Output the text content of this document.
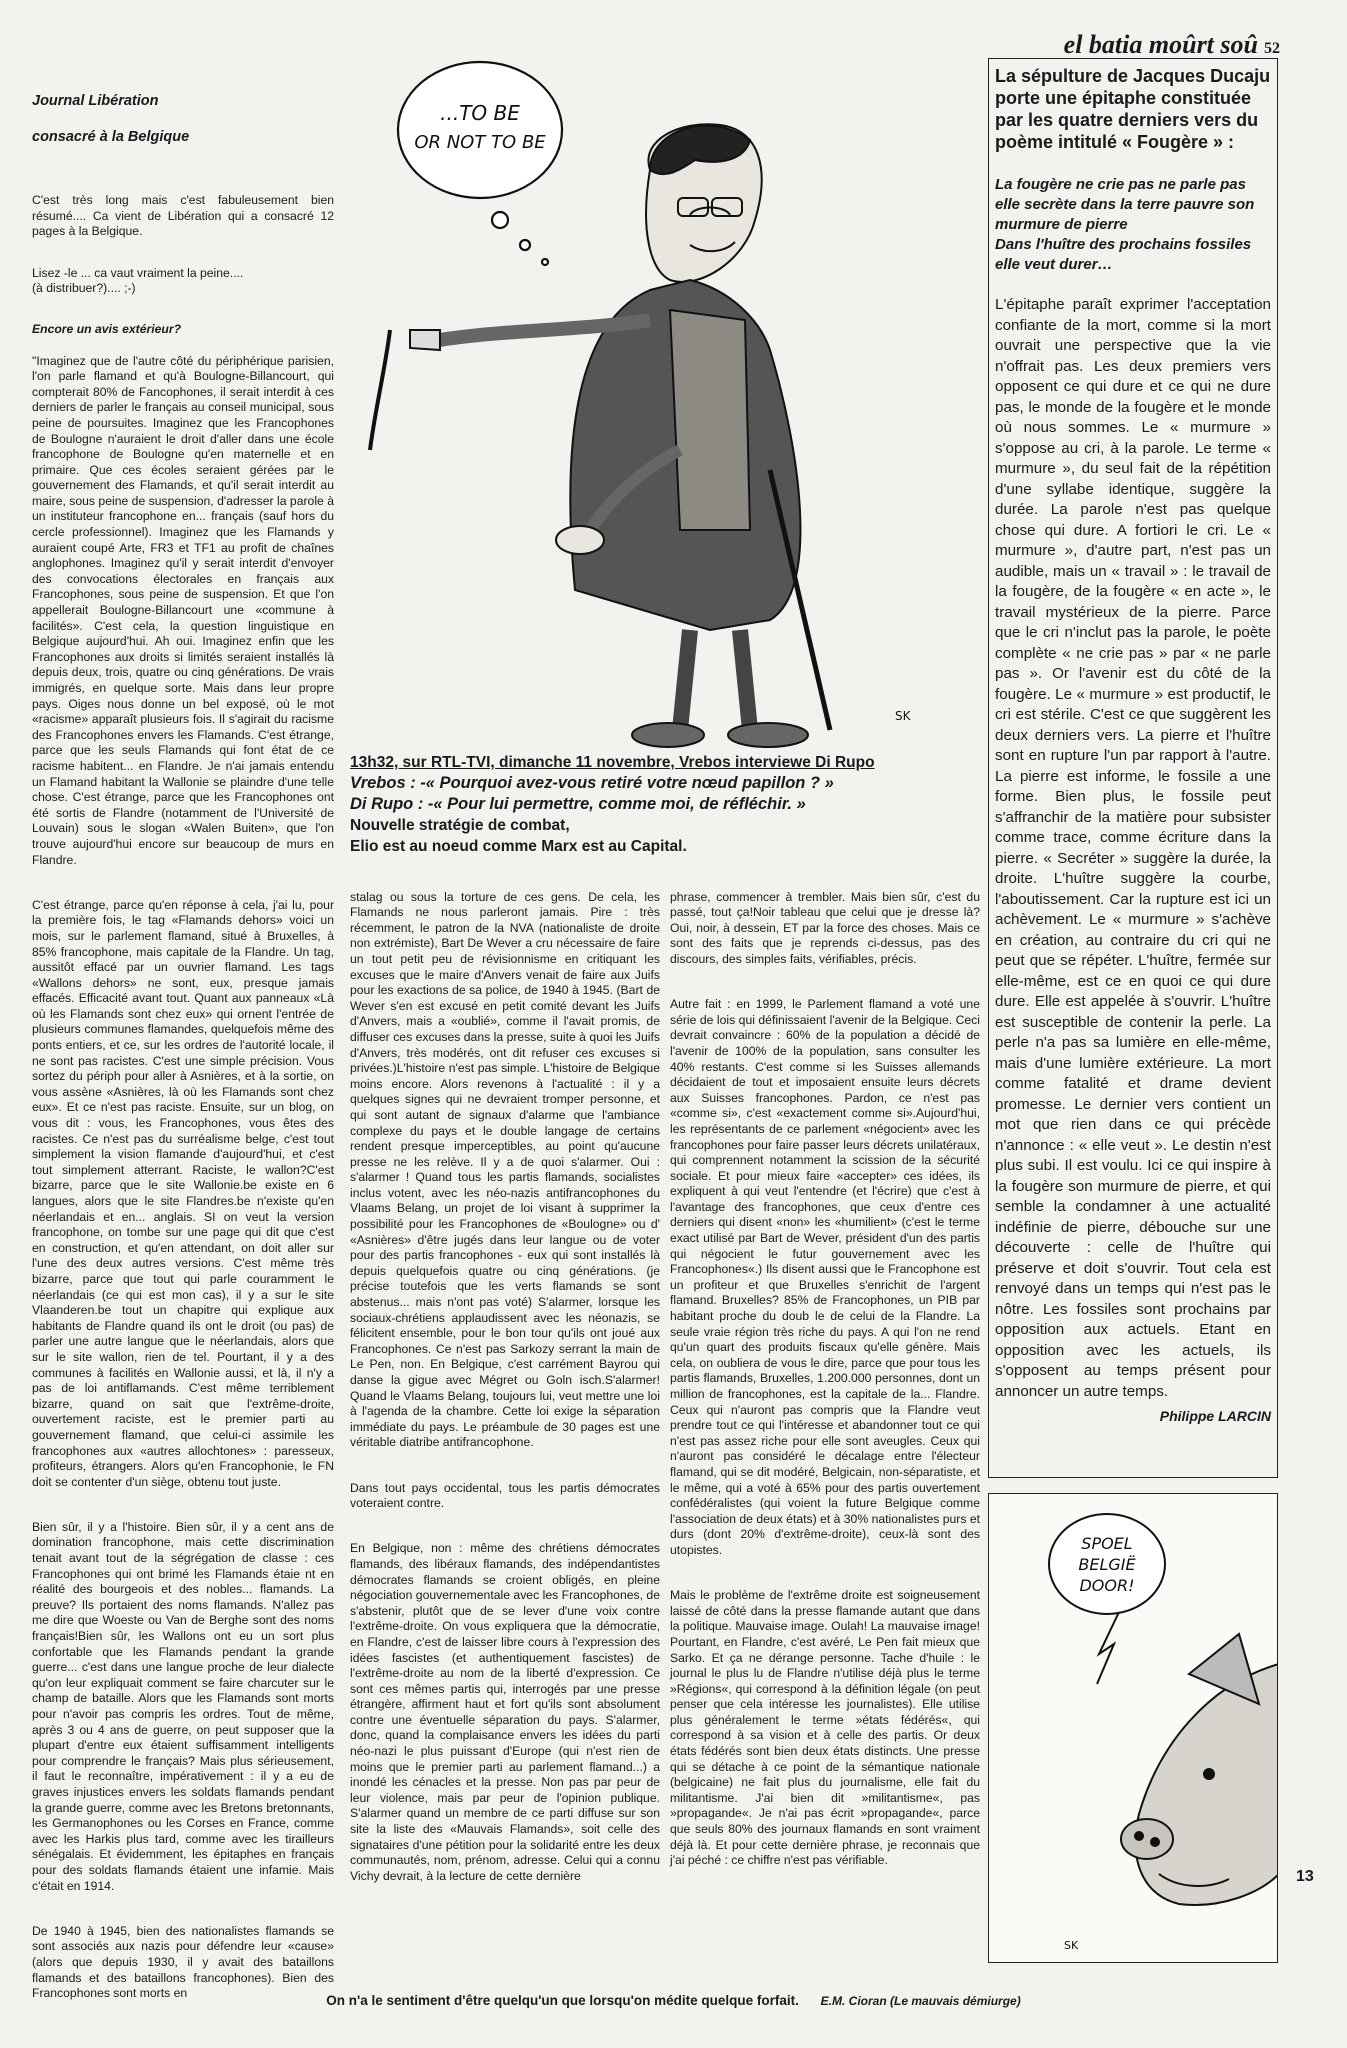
el batia moûrt soû 52

Journal Libération

consacré à la Belgique

C'est très long mais c'est fabuleusement bien résumé.... Ca vient de Libération qui a consacré 12 pages à la Belgique.

Lisez -le ... ca vaut vraiment la peine....
(à distribuer?).... ;-)

Encore un avis extérieur?

"Imaginez que de l'autre côté du périphérique parisien, l'on parle flamand et qu'à Boulogne-Billancourt, qui compterait 80% de Fancophones, il serait interdit à ces derniers de parler le français au conseil municipal, sous peine de poursuites. Imaginez que les Francophones de Boulogne n'auraient le droit d'aller dans une école francophone de Boulogne qu'en maternelle et en primaire. Que ces écoles seraient gérées par le gouvernement des Flamands, et qu'il serait interdit au maire, sous peine de suspension, d'adresser la parole à un instituteur francophone en... français (sauf hors du cercle professionnel). Imaginez que les Flamands y auraient coupé Arte, FR3 et TF1 au profit de chaînes anglophones. Imaginez qu'il y serait interdit d'envoyer des convocations électorales en français aux Francophones, sous peine de suspension. Et que l'on appellerait Boulogne-Billancourt une «commune à facilités». C'est cela, la question linguistique en Belgique aujourd'hui. Ah oui. Imaginez enfin que les Francophones aux droits si limités seraient installés là depuis deux, trois, quatre ou cinq générations. De vrais immigrés, en quelque sorte. Mais dans leur propre pays. Oiges nous donne un bel exposé, où le mot «racisme» apparaît plusieurs fois. Il s'agirait du racisme des Francophones envers les Flamands. C'est étrange, parce que les seuls Flamands qui font état de ce racisme habitent... en Flandre. Je n'ai jamais entendu un Flamand habitant la Wallonie se plaindre d'une telle chose. C'est étrange, parce que les Francophones ont été sortis de Flandre (notamment de l'Université de Louvain) sous le slogan «Walen Buiten», que l'on trouve aujourd'hui encore sur beaucoup de murs en Flandre.

C'est étrange, parce qu'en réponse à cela, j'ai lu, pour la première fois, le tag «Flamands dehors» voici un mois, sur le parlement flamand, situé à Bruxelles, à 85% francophone, mais capitale de la Flandre. Un tag, aussitôt effacé par un ouvrier flamand. Les tags «Wallons dehors» ne sont, eux, presque jamais effacés. Efficacité avant tout. Quant aux panneaux «Là où les Flamands sont chez eux» qui ornent l'entrée de plusieurs communes flamandes, quelquefois même des ponts entiers, et ce, sur les ordres de l'autorité locale, il ne sont pas racistes. C'est une simple précision. Vous sortez du périph pour aller à Asnières, et à la sortie, on vous assène «Asnières, là où les Flamands sont chez eux». Et ce n'est pas raciste. Ensuite, sur un blog, on vous dit : vous, les Francophones, vous êtes des racistes. Ce n'est pas du surréalisme belge, c'est tout simplement la vision flamande d'aujourd'hui, et c'est tout simplement atterrant. Raciste, le wallon?C'est bizarre, parce que le site Wallonie.be existe en 6 langues, alors que le site Flandres.be n'existe qu'en néerlandais et en... anglais. SI on veut la version francophone, on tombe sur une page qui dit que c'est en construction, et qu'en attendant, on doit aller sur l'une des deux autres versions. C'est même très bizarre, parce que tout qui parle couramment le néerlandais (ce qui est mon cas), il y a sur le site Vlaanderen.be tout un chapitre qui explique aux habitants de Flandre quand ils ont le droit (ou pas) de parler une autre langue que le néerlandais, alors que sur le site wallon, rien de tel. Pourtant, il y a des communes à facilités en Wallonie aussi, et là, il n'y a pas de loi antiflamands. C'est même terriblement bizarre, quand on sait que l'extrême-droite, ouvertement raciste, est le premier parti au gouvernement flamand, que celui-ci assimile les francophones aux «autres allochtones» : paresseux, profiteurs, étrangers. Alors qu'en Francophonie, le FN doit se contenter d'un siège, obtenu tout juste.

Bien sûr, il y a l'histoire. Bien sûr, il y a cent ans de domination francophone, mais cette discrimination tenait avant tout de la ségrégation de classe : ces Francophones qui ont brimé les Flamands étaie nt en réalité des bourgeois et des nobles... flamands. La preuve? Ils portaient des noms flamands. N'allez pas me dire que Woeste ou Van de Berghe sont des noms français!Bien sûr, les Wallons ont eu un sort plus confortable que les Flamands pendant la grande guerre... c'est dans une langue proche de leur dialecte qu'on leur expliquait comment se faire charcuter sur le champ de bataille. Alors que les Flamands sont morts pour n'avoir pas compris les ordres. Tout de même, après 3 ou 4 ans de guerre, on peut supposer que la plupart d'entre eux étaient suffisamment intelligents pour comprendre le français? Mais plus sérieusement, il faut le reconnaître, impérativement : il y a eu de graves injustices envers les soldats flamands pendant la grande guerre, comme avec les Bretons bretonnants, les Germanophones ou les Corses en France, comme avec les Harkis plus tard, comme avec les tirailleurs sénégalais. Et évidemment, les épitaphes en français pour des soldats flamands étaient une infamie. Mais c'était en 1914.

De 1940 à 1945, bien des nationalistes flamands se sont associés aux nazis pour défendre leur «cause» (alors que depuis 1930, il y avait des bataillons flamands et des bataillons francophones). Bien des Francophones sont morts en

...TO BE
OR NOT TO BE
SK
13h32, sur RTL-TVI, dimanche 11 novembre, Vrebos interviewe Di Rupo
Vrebos : -« Pourquoi avez-vous retiré votre nœud papillon ? »
Di Rupo : -« Pour lui permettre, comme moi, de réfléchir. »
Nouvelle stratégie de combat,
Elio est au noeud comme Marx est au Capital.

stalag ou sous la torture de ces gens. De cela, les Flamands ne nous parleront jamais. Pire : très récemment, le patron de la NVA (nationaliste de droite non extrémiste), Bart De Wever a cru nécessaire de faire un tout petit peu de révisionnisme en critiquant les excuses que le maire d'Anvers venait de faire aux Juifs pour les exactions de sa police, de 1940 à 1945. (Bart de Wever s'en est excusé en petit comité devant les Juifs d'Anvers, mais a «oublié», comme il l'avait promis, de diffuser ces excuses dans la presse, suite à quoi les Juifs d'Anvers, très modérés, ont dit refuser ces excuses si privées.)L'histoire n'est pas simple. L'histoire de Belgique moins encore. Alors revenons à l'actualité : il y a quelques signes qui ne devraient tromper personne, et qui sont autant de signaux d'alarme que l'ambiance complexe du pays et le double langage de certains rendent presque imperceptibles, au point qu'aucune presse ne les relève. Il y a de quoi s'alarmer. Oui : s'alarmer ! Quand tous les partis flamands, socialistes inclus votent, avec les néo-nazis antifrancophones du Vlaams Belang, un projet de loi visant à supprimer la possibilité pour les Francophones de «Boulogne» ou d' «Asnières» d'être jugés dans leur langue ou de voter pour des partis francophones - eux qui sont installés là depuis quelquefois quatre ou cinq générations. (je précise toutefois que les verts flamands se sont abstenus... mais n'ont pas voté) S'alarmer, lorsque les sociaux-chrétiens applaudissent avec les néonazis, se félicitent ensemble, pour le bon tour qu'ils ont joué aux Francophones. Ce n'est pas Sarkozy serrant la main de Le Pen, non. En Belgique, c'est carrément Bayrou qui danse la gigue avec Mégret ou Goln isch.S'alarmer! Quand le Vlaams Belang, toujours lui, veut mettre une loi à l'agenda de la chambre. Cette loi exige la séparation immédiate du pays. Le préambule de 30 pages est une véritable diatribe antifrancophone.

Dans tout pays occidental, tous les partis démocrates voteraient contre.

En Belgique, non : même des chrétiens démocrates flamands, des libéraux flamands, des indépendantistes démocrates flamands se croient obligés, en pleine négociation gouvernementale avec les Francophones, de s'abstenir, plutôt que de se lever d'une voix contre l'extrême-droite. On vous expliquera que la démocratie, en Flandre, c'est de laisser libre cours à l'expression des idées fascistes (et authentiquement fascistes) de l'extrême-droite au nom de la liberté d'expression. Ce sont ces mêmes partis qui, interrogés par une presse étrangère, affirment haut et fort qu'ils sont absolument contre une éventuelle séparation du pays. S'alarmer, donc, quand la complaisance envers les idées du parti néo-nazi le plus puissant d'Europe (qui n'est rien de moins que le premier parti au parlement flamand...) a inondé les cénacles et la presse. Non pas par peur de leur violence, mais par peur de l'opinion publique. S'alarmer quand un membre de ce parti diffuse sur son site la liste des «Mauvais Flamands», soit celle des signataires d'une pétition pour la solidarité entre les deux communautés, nom, prénom, adresse. Celui qui a connu Vichy devrait, à la lecture de cette dernière

phrase, commencer à trembler. Mais bien sûr, c'est du passé, tout ça!Noir tableau que celui que je dresse là? Oui, noir, à dessein, ET par la force des choses. Mais ce sont des faits que je reprends ci-dessus, pas des discours, des simples faits, vérifiables, précis.

Autre fait : en 1999, le Parlement flamand a voté une série de lois qui définissaient l'avenir de la Belgique. Ceci devrait convaincre : 60% de la population a décidé de l'avenir de 100% de la population, sans consulter les 40% restants. C'est comme si les Suisses allemands décidaient de tout et imposaient ensuite leurs décrets aux Suisses francophones. Pardon, ce n'est pas «comme si», c'est «exactement comme si».Aujourd'hui, les représentants de ce parlement «négocient» avec les francophones pour faire passer leurs décrets unilatéraux, qui comprennent notamment la scission de la sécurité sociale. Et pour mieux faire «accepter» ces idées, ils expliquent à qui veut l'entendre (et l'écrire) que c'est à l'avantage des francophones, que ceux d'entre ces derniers qui disent «non» les «humilient» (c'est le terme exact utilisé par Bart de Wever, président d'un des partis qui négocient le futur gouvernement avec les Francophones«.) Ils disent aussi que le Francophone est un profiteur et que Bruxelles s'enrichit de l'argent flamand. Bruxelles? 85% de Francophones, un PIB par habitant proche du doub le de celui de la Flandre. La seule vraie région très riche du pays. A qui l'on ne rend qu'un quart des produits fiscaux qu'elle génère. Mais cela, on oubliera de vous le dire, parce que pour tous les partis flamands, Bruxelles, 1.200.000 personnes, dont un million de francophones, est la capitale de la... Flandre. Ceux qui n'auront pas compris que la Flandre veut prendre tout ce qui l'intéresse et abandonner tout ce qui n'est pas assez riche pour elle sont aveugles. Ceux qui n'auront pas considéré le décalage entre l'électeur flamand, qui se dit modéré, Belgicain, non-séparatiste, et le même, qui a voté à 65% pour des partis ouvertement confédéralistes (qui voient la future Belgique comme l'association de deux états) et à 30% nationalistes purs et durs (dont 20% d'extrême-droite), ceux-là sont des utopistes.

Mais le problème de l'extrême droite est soigneusement laissé de côté dans la presse flamande autant que dans la politique. Mauvaise image. Oulah! La mauvaise image! Pourtant, en Flandre, c'est avéré, Le Pen fait mieux que Sarko. Et ça ne dérange personne. Tache d'huile : le journal le plus lu de Flandre n'utilise déjà plus le terme »Régions«, qui correspond à la définition légale (on peut penser que cela intéresse les journalistes). Elle utilise plus généralement le terme »états fédérés«, qui correspond à sa vision et à celle des partis. Or deux états fédérés sont bien deux états distincts. Une presse qui se détache à ce point de la sémantique nationale (belgicaine) ne fait plus du journalisme, elle fait du militantisme. J'ai bien dit »militantisme«, pas »propagande«. Je n'ai pas écrit »propagande«, parce que seuls 80% des journaux flamands en sont vraiment déjà là. Et pour cette dernière phrase, je reconnais que j'ai péché : ce chiffre n'est pas vérifiable.

La sépulture de Jacques Ducaju porte une épitaphe constituée par les quatre derniers vers du poème intitulé « Fougère » :
La fougère ne crie pas ne parle pas
elle secrète dans la terre pauvre son murmure de pierre
Dans l'huître des prochains fossiles
elle veut durer…
L'épitaphe paraît exprimer l'acceptation confiante de la mort, comme si la mort ouvrait une perspective que la vie n'offrait pas. Les deux premiers vers opposent ce qui dure et ce qui ne dure pas, le monde de la fougère et le monde où nous sommes. Le « murmure » s'oppose au cri, à la parole. Le terme « murmure », du seul fait de la répétition d'une syllabe identique, suggère la durée. La parole n'est pas quelque chose qui dure. A fortiori le cri. Le « murmure », d'autre part, n'est pas un audible, mais un « travail » : le travail de la fougère, de la fougère « en acte », le travail mystérieux de la pierre. Parce que le cri n'inclut pas la parole, le poète complète « ne crie pas » par « ne parle pas ». Or l'avenir est du côté de la fougère. Le « murmure » est productif, le cri est stérile. C'est ce que suggèrent les deux derniers vers. La pierre et l'huître sont en rupture l'un par rapport à l'autre. La pierre est informe, le fossile a une forme. Bien plus, le fossile peut s'affranchir de la matière pour subsister comme trace, comme écriture dans la pierre. « Secréter » suggère la durée, la droite. L'huître suggère la courbe, l'aboutissement. Car la rupture est ici un achèvement. Le « murmure » s'achève en création, au contraire du cri qui ne peut que se répéter. L'huître, fermée sur elle-même, est ce en quoi ce qui dure dure. Elle est appelée à s'ouvrir. L'huître est susceptible de contenir la perle. La perle n'a pas sa lumière en elle-même, mais d'une lumière extérieure. La mort comme fatalité et drame devient promesse. Le dernier vers contient un mot que rien dans ce qui précède n'annonce : « elle veut ». Le destin n'est plus subi. Il est voulu. Ici ce qui inspire à la fougère son murmure de pierre, et qui semble la condamner à une actualité indéfinie de pierre, débouche sur une découverte : celle de l'huître qui préserve et doit s'ouvrir. Tout cela est renvoyé dans un temps qui n'est pas le nôtre. Les fossiles sont prochains par opposition aux actuels. Etant en opposition avec les actuels, ils s'opposent au temps présent pour annoncer un autre temps.
Philippe LARCIN
SPOEL
BELGIË
DOOR!
SK
13
On n'a le sentiment d'être quelqu'un que lorsqu'on médite quelque forfait. E.M. Cioran (Le mauvais démiurge)
